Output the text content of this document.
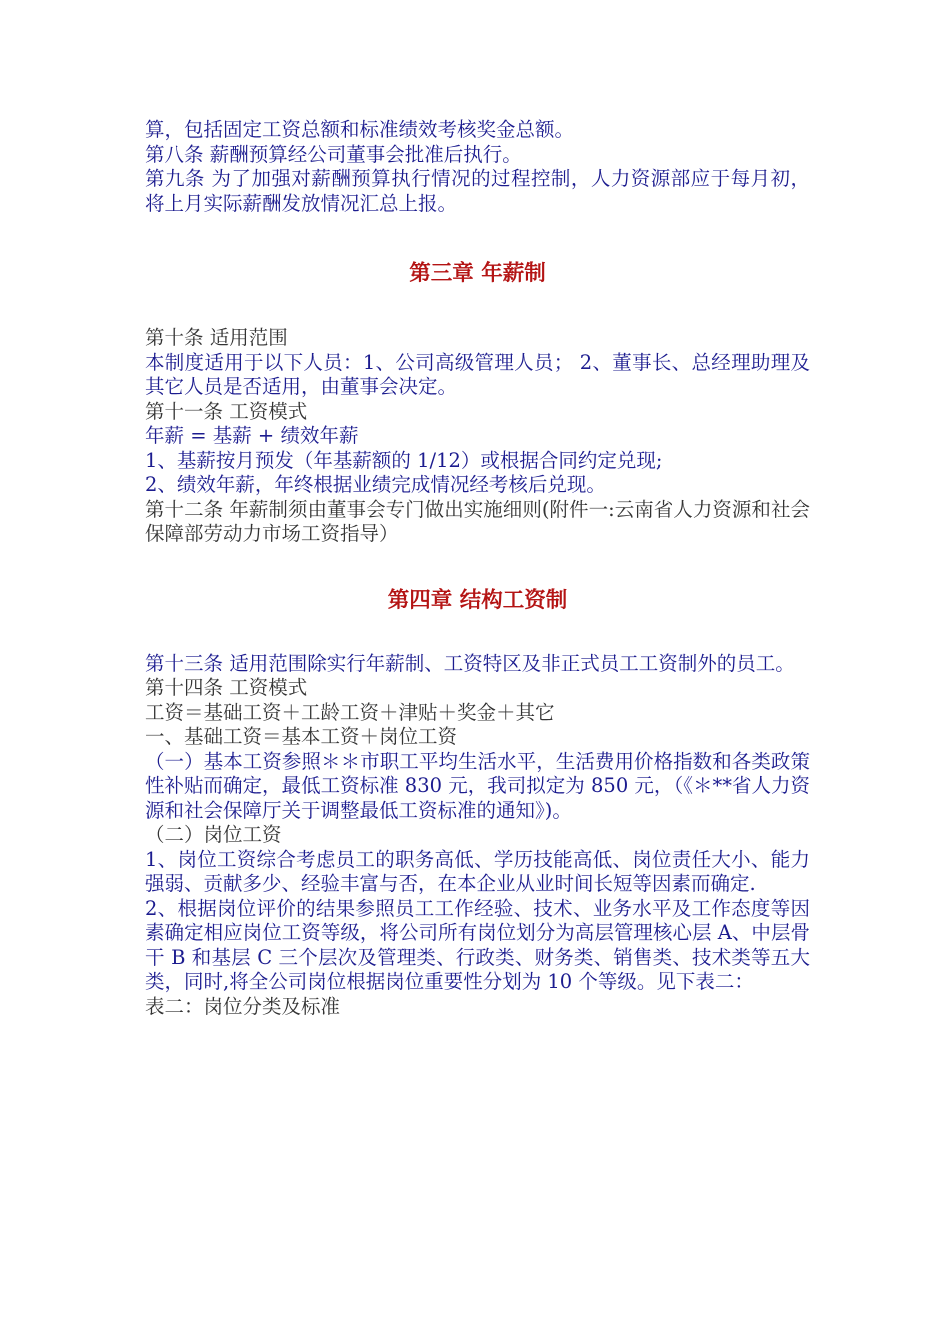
算，包括固定工资总额和标准绩效考核奖金总额。

第八条 薪酬预算经公司董事会批准后执行。

第九条 为了加强对薪酬预算执行情况的过程控制，人力资源部应于每月初，将上月实际薪酬发放情况汇总上报。

第三章 年薪制

第十条 适用范围

本制度适用于以下人员：1、公司高级管理人员； 2、董事长、总经理助理及其它人员是否适用，由董事会决定。

第十一条 工资模式

年薪 = 基薪 + 绩效年薪

1、基薪按月预发（年基薪额的 1/12）或根据合同约定兑现;

2、绩效年薪，年终根据业绩完成情况经考核后兑现。

第十二条 年薪制须由董事会专门做出实施细则(附件一:云南省人力资源和社会保障部劳动力市场工资指导）

第四章 结构工资制

第十三条 适用范围除实行年薪制、工资特区及非正式员工工资制外的员工。

第十四条 工资模式

工资＝基础工资＋工龄工资＋津贴＋奖金＋其它

一、基础工资＝基本工资＋岗位工资

（一）基本工资参照＊＊市职工平均生活水平，生活费用价格指数和各类政策性补贴而确定，最低工资标准 830 元，我司拟定为 850 元，（《＊**省人力资源和社会保障厅关于调整最低工资标准的通知》)。

（二）岗位工资

1、岗位工资综合考虑员工的职务高低、学历技能高低、岗位责任大小、能力强弱、贡献多少、经验丰富与否，在本企业从业时间长短等因素而确定.

2、根据岗位评价的结果参照员工工作经验、技术、业务水平及工作态度等因素确定相应岗位工资等级，将公司所有岗位划分为高层管理核心层 A、中层骨干 B 和基层 C 三个层次及管理类、行政类、财务类、销售类、技术类等五大类，同时,将全公司岗位根据岗位重要性分划为 10 个等级。见下表二：

表二：岗位分类及标准
